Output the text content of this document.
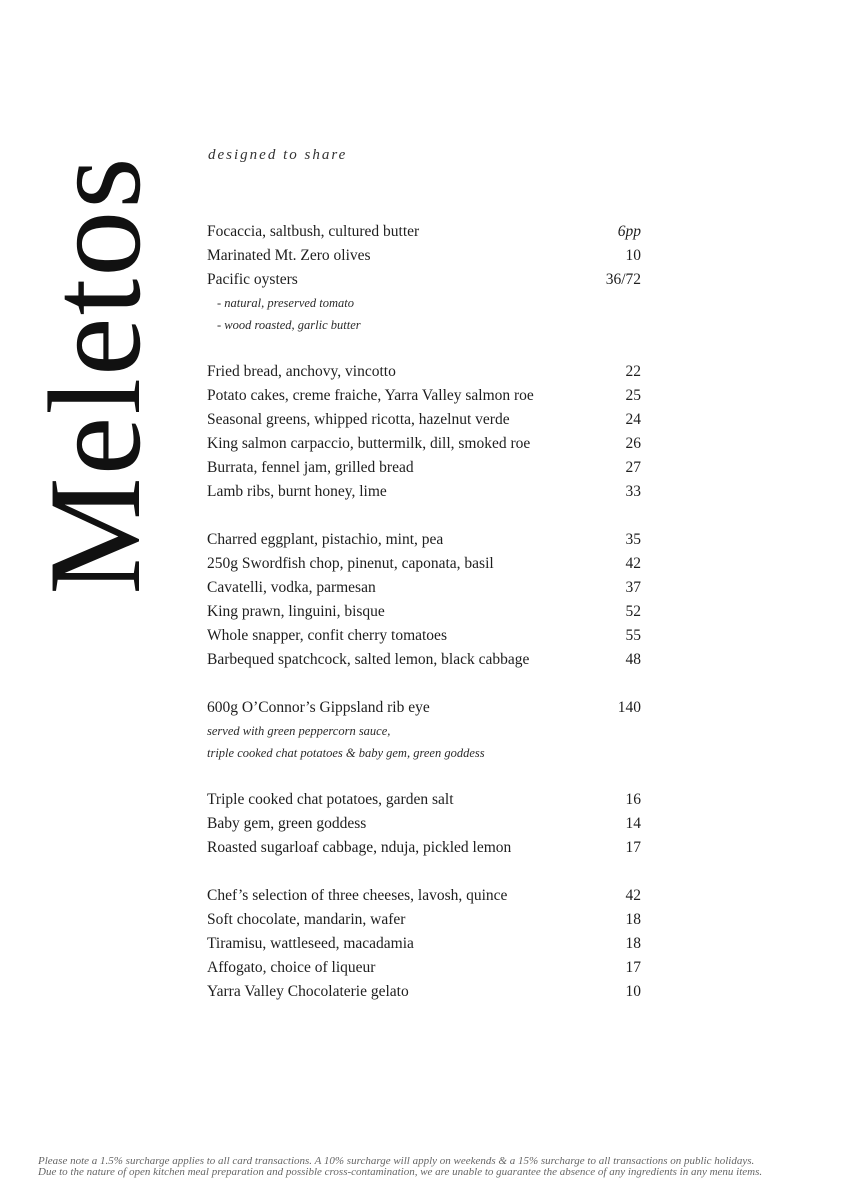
Meletos
designed to share
Focaccia, saltbush, cultured butter	6pp
Marinated Mt. Zero olives	10
Pacific oysters	36/72
- natural, preserved tomato
- wood roasted, garlic butter
Fried bread, anchovy, vincotto	22
Potato cakes, creme fraiche, Yarra Valley salmon roe	25
Seasonal greens, whipped ricotta, hazelnut verde	24
King salmon carpaccio, buttermilk, dill, smoked roe	26
Burrata, fennel jam, grilled bread	27
Lamb ribs, burnt honey, lime	33
Charred eggplant, pistachio, mint, pea	35
250g Swordfish chop, pinenut, caponata, basil	42
Cavatelli, vodka, parmesan	37
King prawn, linguini, bisque	52
Whole snapper, confit cherry tomatoes	55
Barbequed spatchcock, salted lemon, black cabbage	48
600g O’Connor’s Gippsland rib eye	140
served with green peppercorn sauce,
triple cooked chat potatoes & baby gem, green goddess
Triple cooked chat potatoes, garden salt	16
Baby gem, green goddess	14
Roasted sugarloaf cabbage, nduja, pickled lemon	17
Chef’s selection of three cheeses, lavosh, quince	42
Soft chocolate, mandarin, wafer	18
Tiramisu, wattleseed, macadamia	18
Affogato, choice of liqueur	17
Yarra Valley Chocolaterie gelato	10
Please note a 1.5% surcharge applies to all card transactions. A 10% surcharge will apply on weekends & a 15% surcharge to all transactions on public holidays.
Due to the nature of open kitchen meal preparation and possible cross-contamination, we are unable to guarantee the absence of any ingredients in any menu items.
